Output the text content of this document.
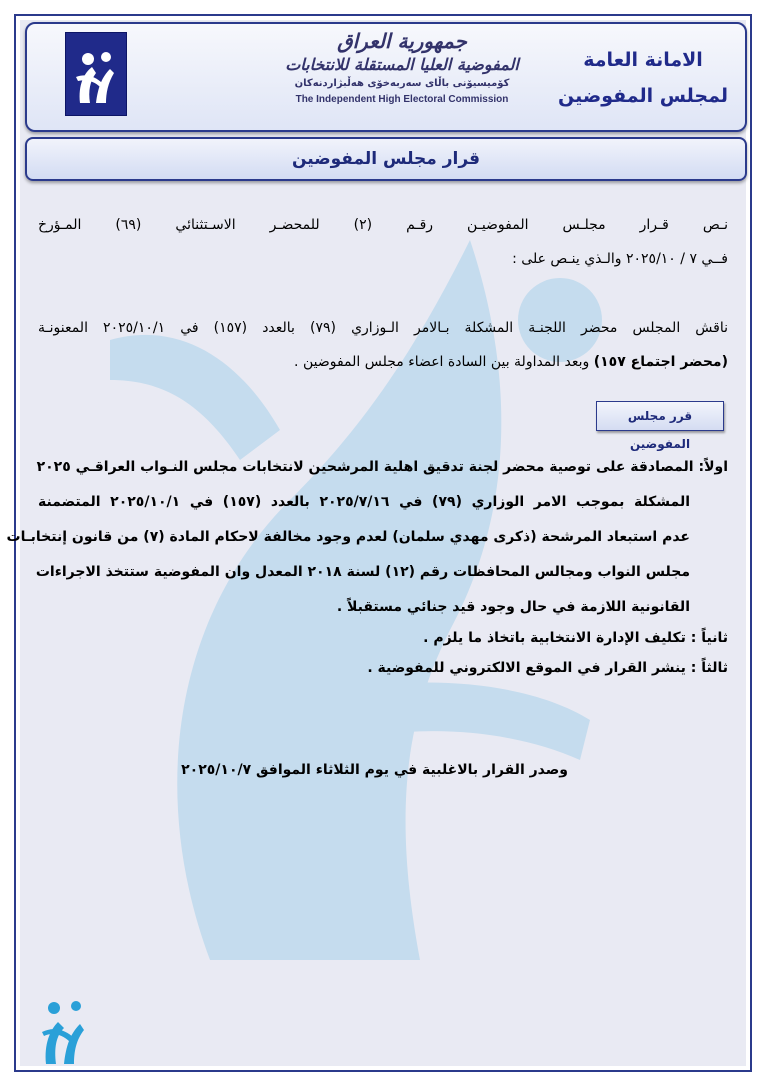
جمهورية العراق
المفوضية العليا المستقلة للانتخابات
كۆمیسیۆنی باڵای سەربەخۆی هەڵبژاردنەکان
The Independent High Electoral Commission
الامانة العامة
لمجلس المفوضين
قرار مجلس المفوضين
نـص قـرار مجلـس المفوضيـن رقـم (٢) للمحضـر الاسـتثنائي (٦٩) المـؤرخ
فــي ٧ / ٢٠٢٥/١٠ والـذي ينـص على :
ناقش المجلس محضر اللجنـة المشكلة بـالامر الـوزاري (٧٩) بالعدد (١٥٧) في ٢٠٢٥/١٠/١ المعنونـة
(محضر اجتماع ١٥٧) وبعد المداولة بين السادة اعضاء مجلس المفوضين .
قرر مجلس المفوضين
اولاً: المصادقة على توصية محضر لجنة تدقيق اهلية المرشحين لانتخابات مجلس النـواب العراقـي ٢٠٢٥
المشكلة بموجب الامر الوزاري (٧٩) في ٢٠٢٥/٧/١٦ بالعدد (١٥٧) في ٢٠٢٥/١٠/١ المتضمنة
عدم استبعاد المرشحة (ذكرى مهدي سلمان) لعدم وجود مخالفة لاحكام المادة (٧) من قانون إنتخابـات
مجلس النواب ومجالس المحافظات رقم (١٢) لسنة ٢٠١٨ المعدل وان المفوضية ستتخذ الاجراءات
القانونية اللازمة في حال وجود قيد جنائي مستقبلاً .
ثانياً : تكليف الإدارة الانتخابية باتخاذ ما يلزم .
ثالثاً : ينشر القرار في الموقع الالكتروني للمفوضية .
وصدر القرار بالاغلبية في يوم الثلاثاء الموافق ٢٠٢٥/١٠/٧
